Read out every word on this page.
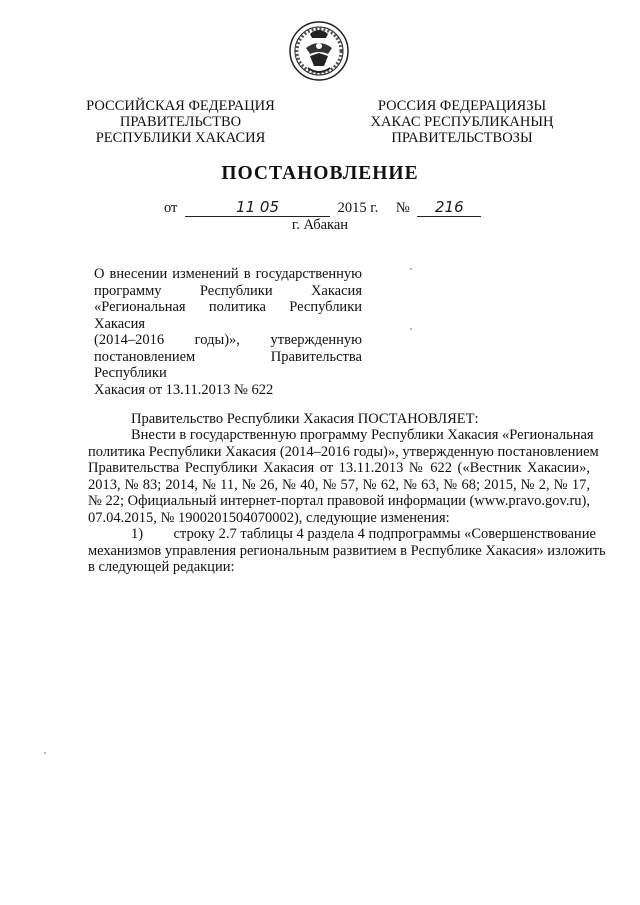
РОССИЙСКАЯ ФЕДЕРАЦИЯ
ПРАВИТЕЛЬСТВО
РЕСПУБЛИКИ ХАКАСИЯ
РОССИЯ ФЕДЕРАЦИЯЗЫ
ХАКАС РЕСПУБЛИКАНЫҢ
ПРАВИТЕЛЬСТВОЗЫ
ПОСТАНОВЛЕНИЕ
от	11 05	2015 г. № 216
г. Абакан
О внесении изменений в государственную
программу Республики Хакасия
«Региональная политика Республики Хакасия
(2014–2016 годы)», утвержденную
постановлением Правительства Республики
Хакасия от 13.11.2013 № 622
Правительство Республики Хакасия ПОСТАНОВЛЯЕТ:
Внести в государственную программу Республики Хакасия «Региональная
политика Республики Хакасия (2014–2016 годы)», утвержденную постановлением
Правительства Республики Хакасия от 13.11.2013 № 622 («Вестник Хакасии»,
2013, № 83; 2014, № 11, № 26, № 40, № 57, № 62, № 63, № 68; 2015, № 2, № 17,
№ 22; Официальный интернет-портал правовой информации (www.pravo.gov.ru),
07.04.2015, № 1900201504070002), следующие изменения:
1) строку 2.7 таблицы 4 раздела 4 подпрограммы «Совершенствование
механизмов управления региональным развитием в Республике Хакасия» изложить
в следующей редакции:
